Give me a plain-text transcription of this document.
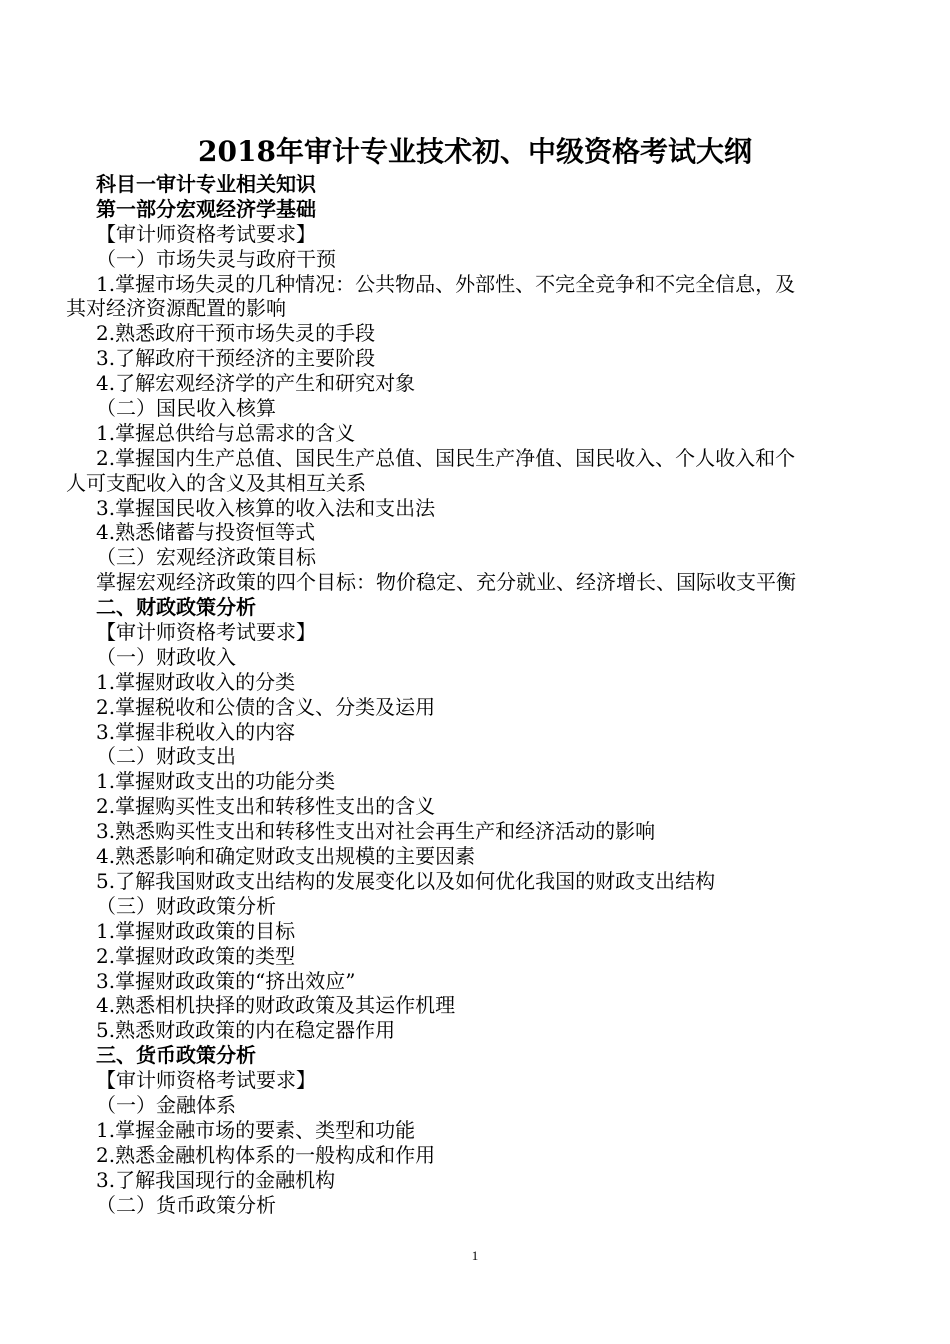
2018年审计专业技术初、中级资格考试大纲
科目一审计专业相关知识
第一部分宏观经济学基础
【审计师资格考试要求】
（一）市场失灵与政府干预
1.掌握市场失灵的几种情况：公共物品、外部性、不完全竞争和不完全信息，及
其对经济资源配置的影响
2.熟悉政府干预市场失灵的手段
3.了解政府干预经济的主要阶段
4.了解宏观经济学的产生和研究对象
（二）国民收入核算
1.掌握总供给与总需求的含义
2.掌握国内生产总值、国民生产总值、国民生产净值、国民收入、个人收入和个
人可支配收入的含义及其相互关系
3.掌握国民收入核算的收入法和支出法
4.熟悉储蓄与投资恒等式
（三）宏观经济政策目标
掌握宏观经济政策的四个目标：物价稳定、充分就业、经济增长、国际收支平衡
二、财政政策分析
【审计师资格考试要求】
（一）财政收入
1.掌握财政收入的分类
2.掌握税收和公债的含义、分类及运用
3.掌握非税收入的内容
（二）财政支出
1.掌握财政支出的功能分类
2.掌握购买性支出和转移性支出的含义
3.熟悉购买性支出和转移性支出对社会再生产和经济活动的影响
4.熟悉影响和确定财政支出规模的主要因素
5.了解我国财政支出结构的发展变化以及如何优化我国的财政支出结构
（三）财政政策分析
1.掌握财政政策的目标
2.掌握财政政策的类型
3.掌握财政政策的“挤出效应”
4.熟悉相机抉择的财政政策及其运作机理
5.熟悉财政政策的内在稳定器作用
三、货币政策分析
【审计师资格考试要求】
（一）金融体系
1.掌握金融市场的要素、类型和功能
2.熟悉金融机构体系的一般构成和作用
3.了解我国现行的金融机构
（二）货币政策分析
1
